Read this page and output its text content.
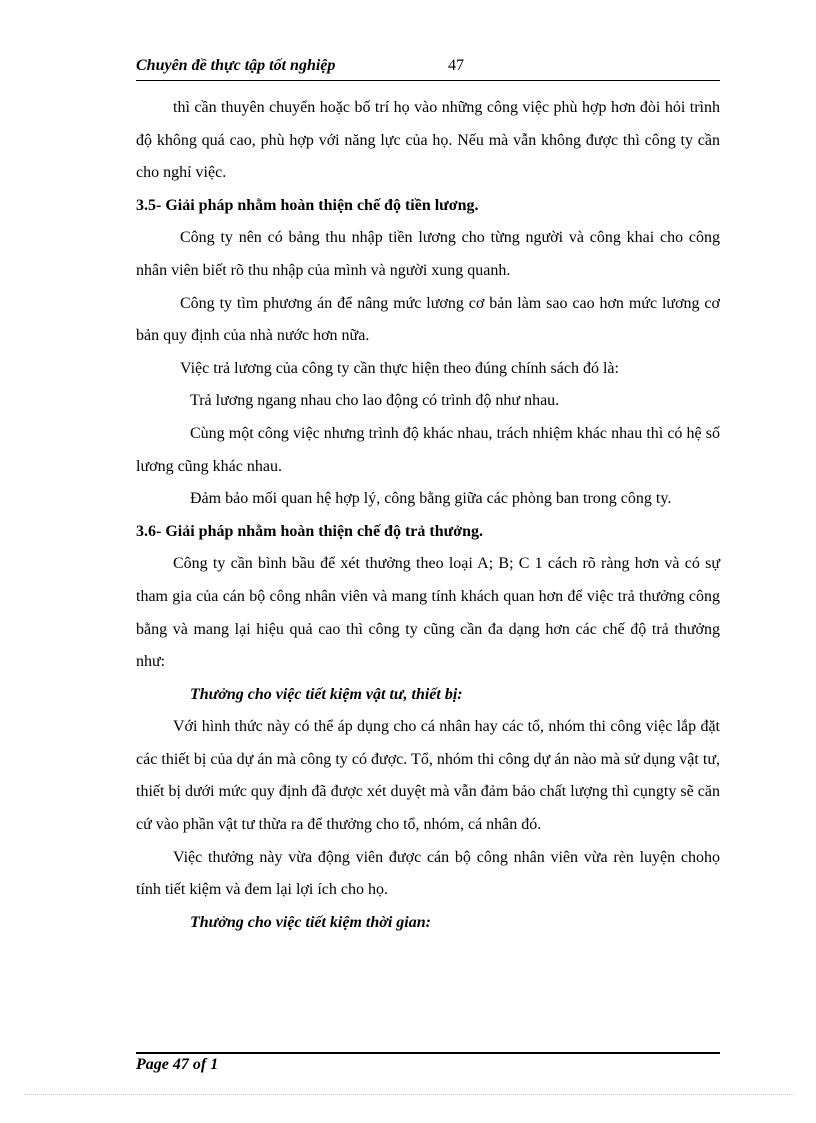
Chuyên đề thực tập tốt nghiệp	47

thì cần thuyên chuyển hoặc bố trí họ vào những công việc phù hợp hơn đòi hỏi trình độ không quá cao, phù hợp với năng lực của họ. Nếu mà vẫn không được thì công ty cần cho nghỉ việc.

3.5- Giải pháp nhằm hoàn thiện chế độ tiền lương.

Công ty nên có bảng thu nhập tiền lương cho từng người và công khai cho công nhân viên biết rõ thu nhập của mình và người xung quanh.

Công ty tìm phương án để nâng mức lương cơ bản làm sao cao hơn mức lương cơ bản quy định của nhà nước hơn nữa.

Việc trả lương của công ty cần thực hiện theo đúng chính sách đó là:

Trả lương ngang nhau cho lao động có trình độ như nhau.

Cùng một công việc nhưng trình độ khác nhau, trách nhiệm khác nhau thì có hệ số lương cũng khác nhau.

Đảm bảo mối quan hệ hợp lý, công bằng giữa các phòng ban trong công ty.

3.6- Giải pháp nhằm hoàn thiện chế độ trả thưởng.

Công ty cần bình bầu để xét thưởng theo loại A; B; C 1 cách rõ ràng hơn và có sự tham gia của cán bộ công nhân viên và mang tính khách quan hơn để việc trả thưởng công bằng và mang lại hiệu quả cao thì công ty cũng cần đa dạng hơn các chế độ trả thưởng như:

Thưởng cho việc tiết kiệm vật tư, thiết bị:

Với hình thức này có thể áp dụng cho cá nhân hay các tổ, nhóm thi công việc lắp đặt các thiết bị của dự án mà công ty có được. Tổ, nhóm thi công dự án nào mà sử dụng vật tư, thiết bị dưới mức quy định đã được xét duyệt mà vẫn đảm bảo chất lượng thì cụngty sẽ căn cứ vào phần vật tư thừa ra để thưởng cho tổ, nhóm, cá nhân đó.

Việc thưởng này vừa động viên được cán bộ công nhân viên vừa rèn luyện chohọ tính tiết kiệm và đem lại lợi ích cho họ.

Thưởng cho việc tiết kiệm thời gian:

Page 47 of 1
